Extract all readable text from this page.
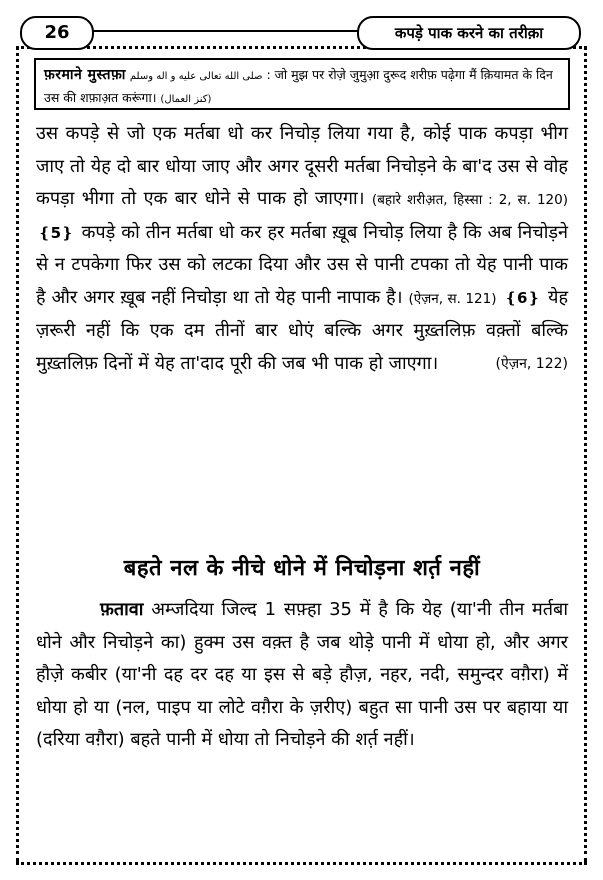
26	कपड़े पाक करने का तरीक़ा
फ़रमाने मुस्तफ़ा صلى الله تعالى عليه و اله وسلم : जो मुझ पर रोज़े जुमुआ़ दुरूद शरीफ़ पढ़ेगा मैं क़ियामत के दिन
उस की शफ़ाअ़त करूंगा। (كنز العمال)
उस कपड़े से जो एक मर्तबा धो कर निचोड़ लिया गया है, कोई पाक कपड़ा भीग जाए तो येह दो बार धोया जाए और अगर दूसरी मर्तबा निचोड़ने के बा'द उस से वोह कपड़ा भीगा तो एक बार धोने से पाक हो जाएगा। (बहारे शरीअ़त, हिस्सा : 2, स. 120) ❴ 5 ❵ कपड़े को तीन मर्तबा धो कर हर मर्तबा ख़ूब निचोड़ लिया है कि अब निचोड़ने से न टपकेगा फिर उस को लटका दिया और उस से पानी टपका तो येह पानी पाक है और अगर ख़ूब नहीं निचोड़ा था तो येह पानी नापाक है। (ऐज़न, स. 121) ❴ 6 ❵ येह ज़रूरी नहीं कि एक दम तीनों बार धोएं बल्कि अगर मुख़्तलिफ़ वक़्तों बल्कि मुख़्तलिफ़ दिनों में येह ता'दाद पूरी की जब भी पाक हो जाएगा।	(ऐज़न, 122)
बहते नल के नीचे धोने में निचोड़ना शर्त़ नहीं
फ़तावा अम्जदिया जिल्द 1 सफ़्हा 35 में है कि येह (या'नी तीन मर्तबा धोने और निचोड़ने का) हुक्म उस वक़्त है जब थोड़े पानी में धोया हो, और अगर हौज़े कबीर (या'नी दह दर दह या इस से बड़े हौज़, नहर, नदी, समुन्दर वग़ैरा) में धोया हो या (नल, पाइप या लोटे वग़ैरा के ज़रीए) बहुत सा पानी उस पर बहाया या (दरिया वग़ैरा) बहते पानी में धोया तो निचोड़ने की शर्त़ नहीं।
